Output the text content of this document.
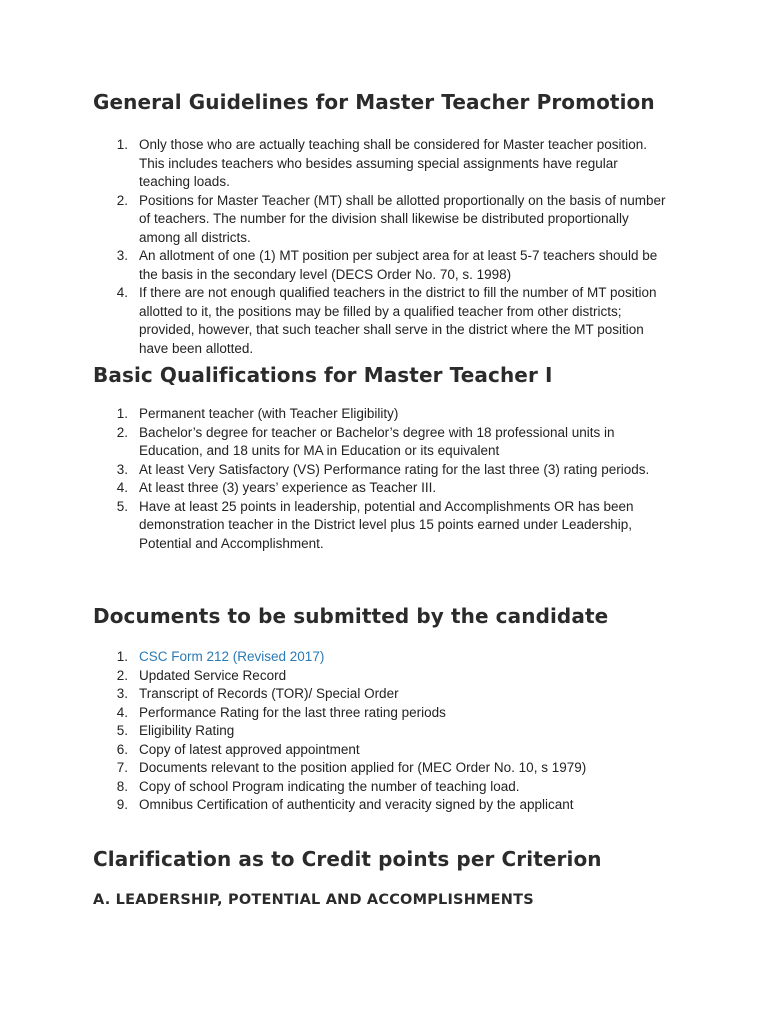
General Guidelines for Master Teacher Promotion
1. Only those who are actually teaching shall be considered for Master teacher position. This includes teachers who besides assuming special assignments have regular teaching loads.
2. Positions for Master Teacher (MT) shall be allotted proportionally on the basis of number of teachers. The number for the division shall likewise be distributed proportionally among all districts.
3. An allotment of one (1) MT position per subject area for at least 5-7 teachers should be the basis in the secondary level (DECS Order No. 70, s. 1998)
4. If there are not enough qualified teachers in the district to fill the number of MT position allotted to it, the positions may be filled by a qualified teacher from other districts; provided, however, that such teacher shall serve in the district where the MT position have been allotted.
Basic Qualifications for Master Teacher I
1. Permanent teacher (with Teacher Eligibility)
2. Bachelor’s degree for teacher or Bachelor’s degree with 18 professional units in Education, and 18 units for MA in Education or its equivalent
3. At least Very Satisfactory (VS) Performance rating for the last three (3) rating periods.
4. At least three (3) years’ experience as Teacher III.
5. Have at least 25 points in leadership, potential and Accomplishments OR has been demonstration teacher in the District level plus 15 points earned under Leadership, Potential and Accomplishment.
Documents to be submitted by the candidate
1. CSC Form 212 (Revised 2017)
2. Updated Service Record
3. Transcript of Records (TOR)/ Special Order
4. Performance Rating for the last three rating periods
5. Eligibility Rating
6. Copy of latest approved appointment
7. Documents relevant to the position applied for (MEC Order No. 10, s 1979)
8. Copy of school Program indicating the number of teaching load.
9. Omnibus Certification of authenticity and veracity signed by the applicant
Clarification as to Credit points per Criterion
A. LEADERSHIP, POTENTIAL AND ACCOMPLISHMENTS
